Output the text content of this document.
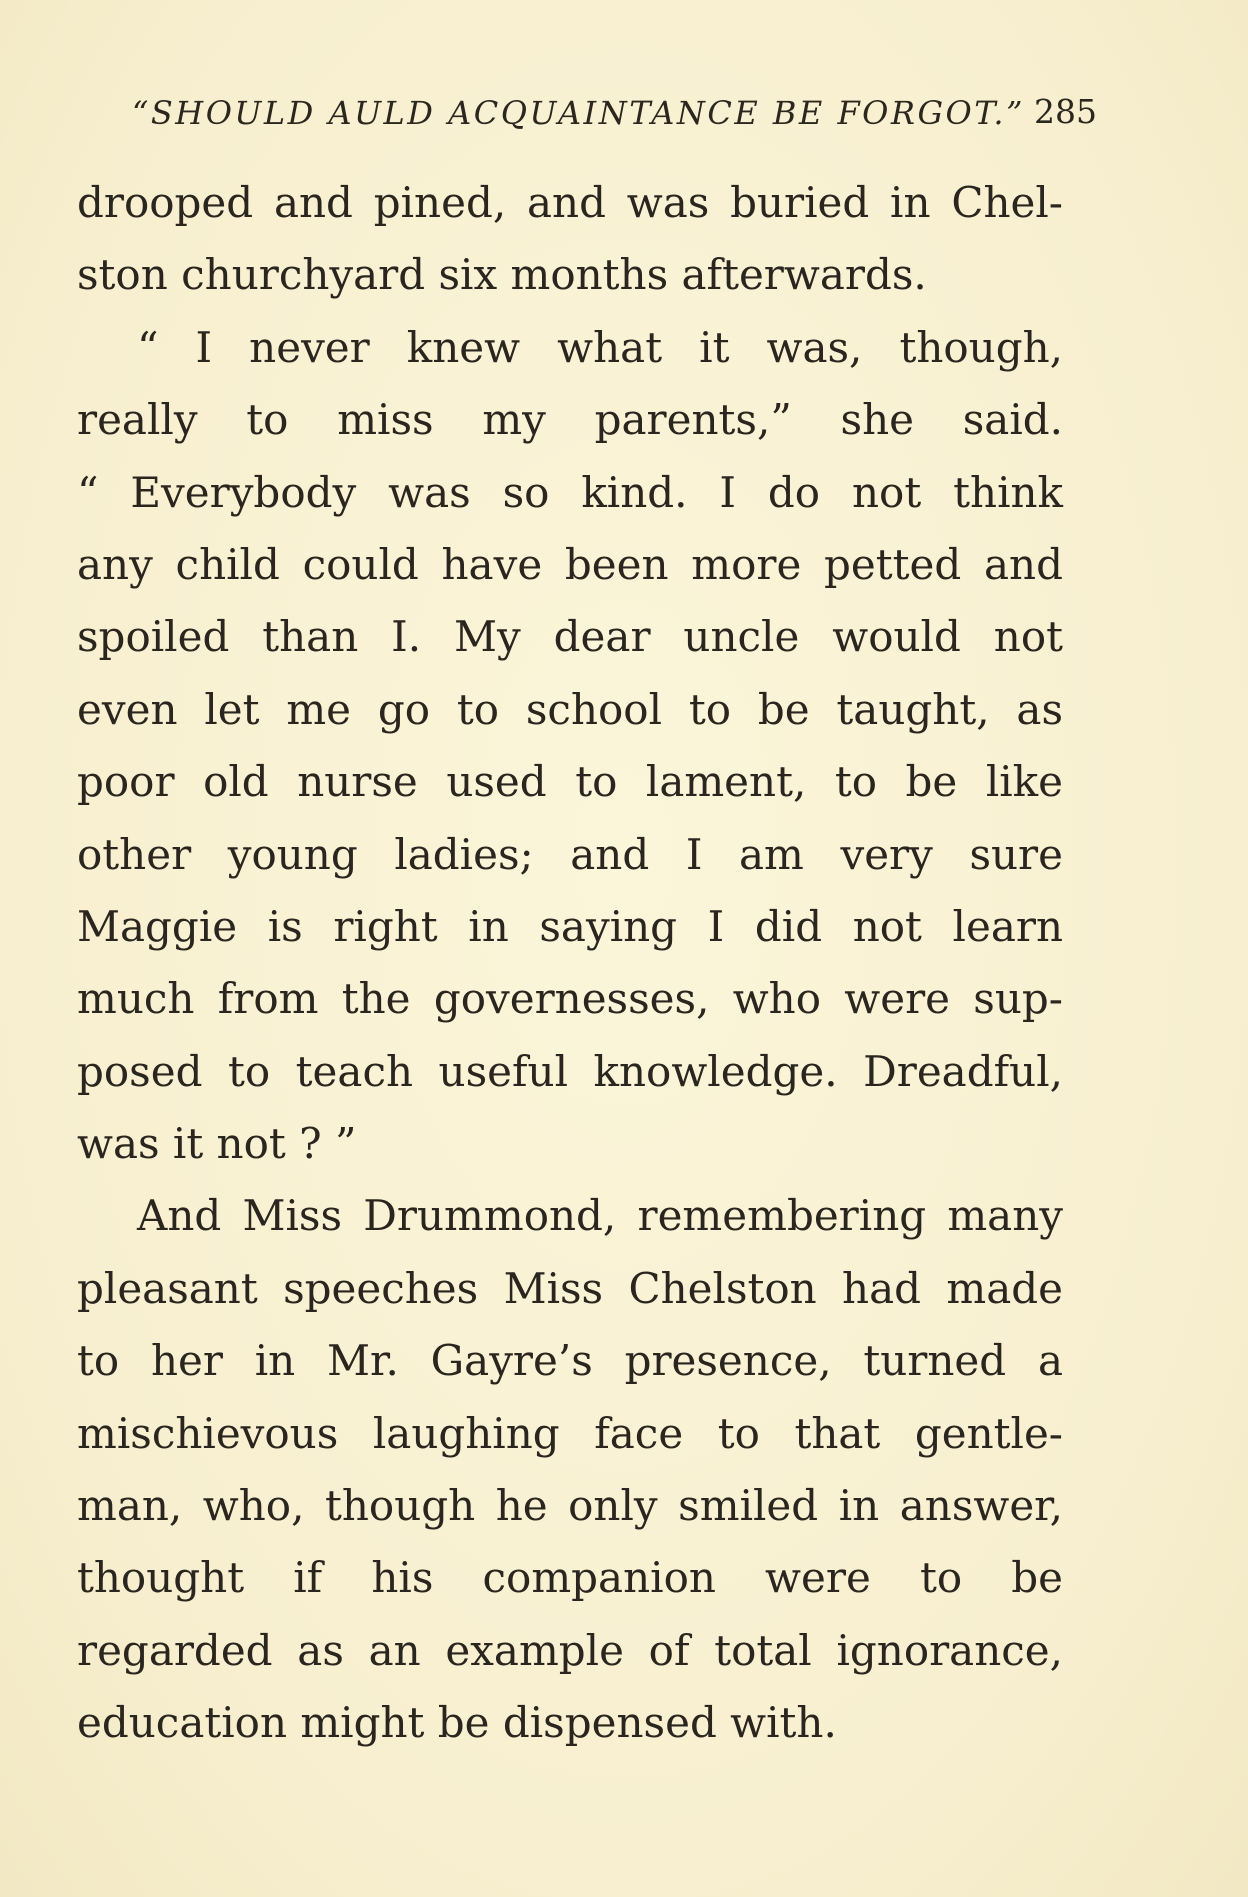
“SHOULD AULD ACQUAINTANCE BE FORGOT.” 285
drooped and pined, and was buried in Chel-
ston churchyard six months afterwards.
“ I never knew what it was, though,
really to miss my parents,” she said.
“ Everybody was so kind. I do not think
any child could have been more petted and
spoiled than I. My dear uncle would not
even let me go to school to be taught, as
poor old nurse used to lament, to be like
other young ladies; and I am very sure
Maggie is right in saying I did not learn
much from the governesses, who were sup-
posed to teach useful knowledge. Dreadful,
was it not ? ”
And Miss Drummond, remembering many
pleasant speeches Miss Chelston had made
to her in Mr. Gayre’s presence, turned a
mischievous laughing face to that gentle-
man, who, though he only smiled in answer,
thought if his companion were to be
regarded as an example of total ignorance,
education might be dispensed with.
